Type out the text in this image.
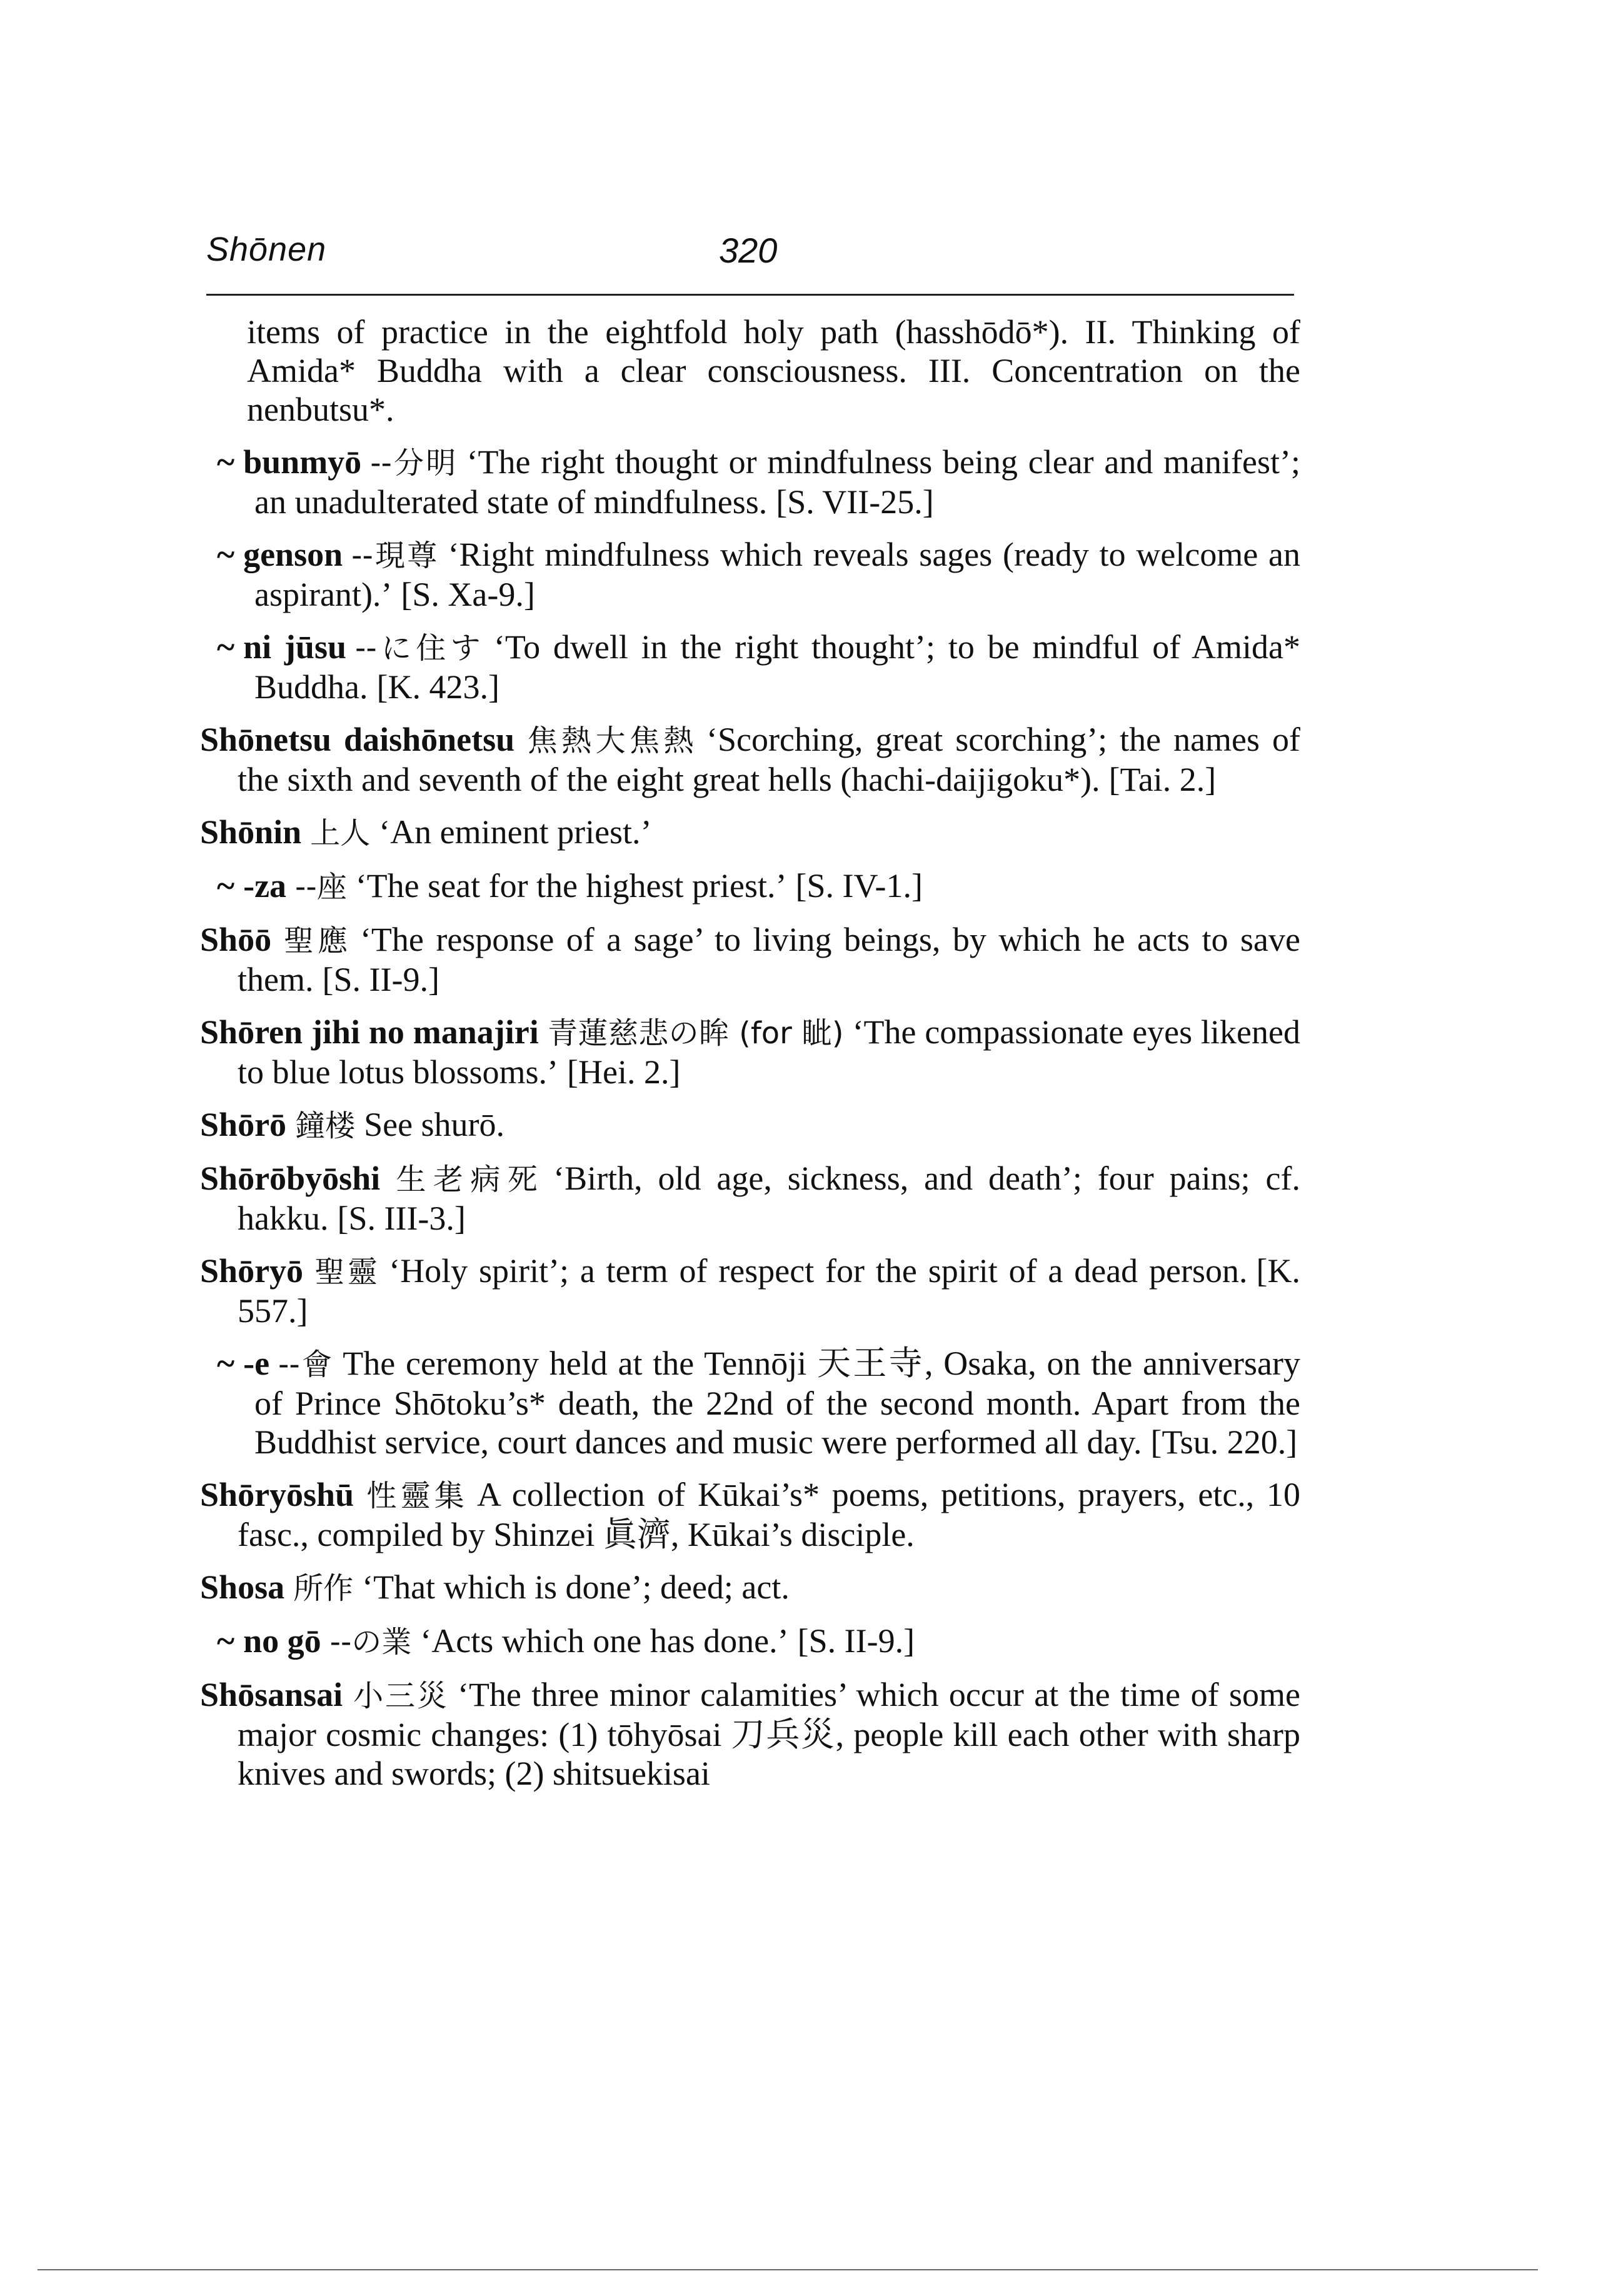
Shōnen	320

items of practice in the eightfold holy path (hasshōdō*). II. Thinking of Amida* Buddha with a clear consciousness. III. Concentration on the nenbutsu*.

~ bunmyō --分明 ‘The right thought or mindfulness being clear and manifest’; an unadulterated state of mindfulness. [S. VII-25.]

~ genson --現尊 ‘Right mindfulness which reveals sages (ready to welcome an aspirant).’ [S. Xa-9.]

~ ni jūsu --に住す ‘To dwell in the right thought’; to be mindful of Amida* Buddha. [K. 423.]

Shōnetsu daishōnetsu 焦熱大焦熱 ‘Scorching, great scorching’; the names of the sixth and seventh of the eight great hells (hachi-daijigoku*). [Tai. 2.]

Shōnin 上人 ‘An eminent priest.’

~ -za --座 ‘The seat for the highest priest.’ [S. IV-1.]

Shōō 聖應 ‘The response of a sage’ to living beings, by which he acts to save them. [S. II-9.]

Shōren jihi no manajiri 青蓮慈悲の眸 (for 眦) ‘The compassionate eyes likened to blue lotus blossoms.’ [Hei. 2.]

Shōrō 鐘楼 See shurō.

Shōrōbyōshi 生老病死 ‘Birth, old age, sickness, and death’; four pains; cf. hakku. [S. III-3.]

Shōryō 聖靈 ‘Holy spirit’; a term of respect for the spirit of a dead person. [K. 557.]

~ -e --會 The ceremony held at the Tennōji 天王寺, Osaka, on the anniversary of Prince Shōtoku’s* death, the 22nd of the second month. Apart from the Buddhist service, court dances and music were performed all day. [Tsu. 220.]

Shōryōshū 性靈集 A collection of Kūkai’s* poems, petitions, prayers, etc., 10 fasc., compiled by Shinzei 眞濟, Kūkai’s disciple.

Shosa 所作 ‘That which is done’; deed; act.

~ no gō --の業 ‘Acts which one has done.’ [S. II-9.]

Shōsansai 小三災 ‘The three minor calamities’ which occur at the time of some major cosmic changes: (1) tōhyōsai 刀兵災, people kill each other with sharp knives and swords; (2) shitsuekisai
